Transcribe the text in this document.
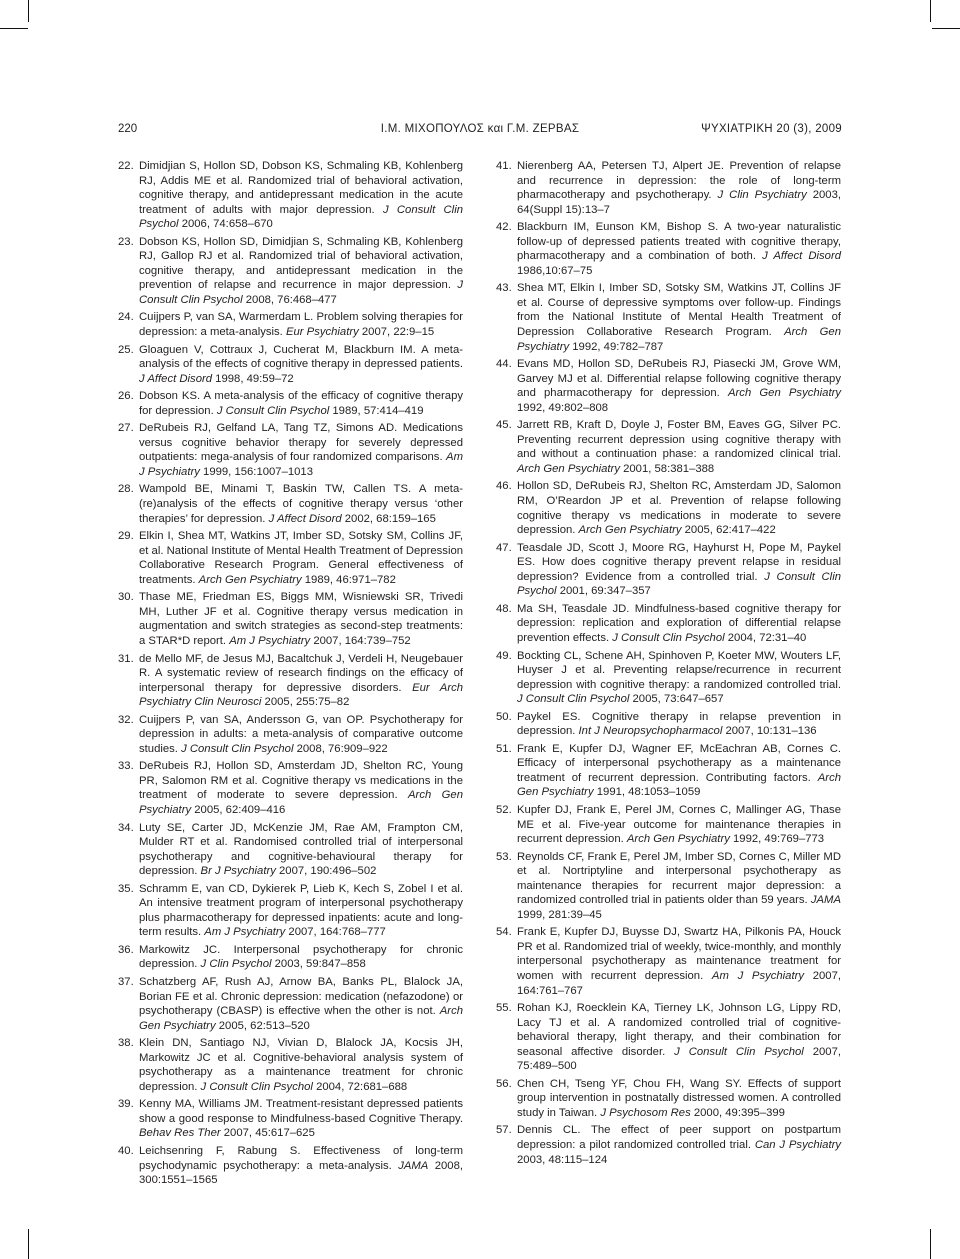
220	Ι.Μ. ΜΙΧΟΠΟΥΛΟΣ και Γ.Μ. ΖΕΡΒΑΣ	ΨΥΧΙΑΤΡΙΚΗ 20 (3), 2009
22. Dimidjian S, Hollon SD, Dobson KS, Schmaling KB, Kohlenberg RJ, Addis ME et al. Randomized trial of behavioral activation, cognitive therapy, and antidepressant medication in the acute treatment of adults with major depression. J Consult Clin Psychol 2006, 74:658–670
23. Dobson KS, Hollon SD, Dimidjian S, Schmaling KB, Kohlenberg RJ, Gallop RJ et al. Randomized trial of behavioral activation, cognitive therapy, and antidepressant medication in the prevention of relapse and recurrence in major depression. J Consult Clin Psychol 2008, 76:468–477
24. Cuijpers P, van SA, Warmerdam L. Problem solving therapies for depression: a meta-analysis. Eur Psychiatry 2007, 22:9–15
25. Gloaguen V, Cottraux J, Cucherat M, Blackburn IM. A meta-analysis of the effects of cognitive therapy in depressed patients. J Affect Disord 1998, 49:59–72
26. Dobson KS. A meta-analysis of the efficacy of cognitive therapy for depression. J Consult Clin Psychol 1989, 57:414–419
27. DeRubeis RJ, Gelfand LA, Tang TZ, Simons AD. Medications versus cognitive behavior therapy for severely depressed outpatients: mega-analysis of four randomized comparisons. Am J Psychiatry 1999, 156:1007–1013
28. Wampold BE, Minami T, Baskin TW, Callen TS. A meta-(re)analysis of the effects of cognitive therapy versus ‘other therapies’ for depression. J Affect Disord 2002, 68:159–165
29. Elkin I, Shea MT, Watkins JT, Imber SD, Sotsky SM, Collins JF, et al. National Institute of Mental Health Treatment of Depression Collaborative Research Program. General effectiveness of treatments. Arch Gen Psychiatry 1989, 46:971–782
30. Thase ME, Friedman ES, Biggs MM, Wisniewski SR, Trivedi MH, Luther JF et al. Cognitive therapy versus medication in augmentation and switch strategies as second-step treatments: a STAR*D report. Am J Psychiatry 2007, 164:739–752
31. de Mello MF, de Jesus MJ, Bacaltchuk J, Verdeli H, Neugebauer R. A systematic review of research findings on the efficacy of interpersonal therapy for depressive disorders. Eur Arch Psychiatry Clin Neurosci 2005, 255:75–82
32. Cuijpers P, van SA, Andersson G, van OP. Psychotherapy for depression in adults: a meta-analysis of comparative outcome studies. J Consult Clin Psychol 2008, 76:909–922
33. DeRubeis RJ, Hollon SD, Amsterdam JD, Shelton RC, Young PR, Salomon RM et al. Cognitive therapy vs medications in the treatment of moderate to severe depression. Arch Gen Psychiatry 2005, 62:409–416
34. Luty SE, Carter JD, McKenzie JM, Rae AM, Frampton CM, Mulder RT et al. Randomised controlled trial of interpersonal psychotherapy and cognitive-behavioural therapy for depression. Br J Psychiatry 2007, 190:496–502
35. Schramm E, van CD, Dykierek P, Lieb K, Kech S, Zobel I et al. An intensive treatment program of interpersonal psychotherapy plus pharmacotherapy for depressed inpatients: acute and long-term results. Am J Psychiatry 2007, 164:768–777
36. Markowitz JC. Interpersonal psychotherapy for chronic depression. J Clin Psychol 2003, 59:847–858
37. Schatzberg AF, Rush AJ, Arnow BA, Banks PL, Blalock JA, Borian FE et al. Chronic depression: medication (nefazodone) or psychotherapy (CBASP) is effective when the other is not. Arch Gen Psychiatry 2005, 62:513–520
38. Klein DN, Santiago NJ, Vivian D, Blalock JA, Kocsis JH, Markowitz JC et al. Cognitive-behavioral analysis system of psychotherapy as a maintenance treatment for chronic depression. J Consult Clin Psychol 2004, 72:681–688
39. Kenny MA, Williams JM. Treatment-resistant depressed patients show a good response to Mindfulness-based Cognitive Therapy. Behav Res Ther 2007, 45:617–625
40. Leichsenring F, Rabung S. Effectiveness of long-term psychodynamic psychotherapy: a meta-analysis. JAMA 2008, 300:1551–1565
41. Nierenberg AA, Petersen TJ, Alpert JE. Prevention of relapse and recurrence in depression: the role of long-term pharmacotherapy and psychotherapy. J Clin Psychiatry 2003, 64(Suppl 15):13–7
42. Blackburn IM, Eunson KM, Bishop S. A two-year naturalistic follow-up of depressed patients treated with cognitive therapy, pharmacotherapy and a combination of both. J Affect Disord 1986,10:67–75
43. Shea MT, Elkin I, Imber SD, Sotsky SM, Watkins JT, Collins JF et al. Course of depressive symptoms over follow-up. Findings from the National Institute of Mental Health Treatment of Depression Collaborative Research Program. Arch Gen Psychiatry 1992, 49:782–787
44. Evans MD, Hollon SD, DeRubeis RJ, Piasecki JM, Grove WM, Garvey MJ et al. Differential relapse following cognitive therapy and pharmacotherapy for depression. Arch Gen Psychiatry 1992, 49:802–808
45. Jarrett RB, Kraft D, Doyle J, Foster BM, Eaves GG, Silver PC. Preventing recurrent depression using cognitive therapy with and without a continuation phase: a randomized clinical trial. Arch Gen Psychiatry 2001, 58:381–388
46. Hollon SD, DeRubeis RJ, Shelton RC, Amsterdam JD, Salomon RM, O’Reardon JP et al. Prevention of relapse following cognitive therapy vs medications in moderate to severe depression. Arch Gen Psychiatry 2005, 62:417–422
47. Teasdale JD, Scott J, Moore RG, Hayhurst H, Pope M, Paykel ES. How does cognitive therapy prevent relapse in residual depression? Evidence from a controlled trial. J Consult Clin Psychol 2001, 69:347–357
48. Ma SH, Teasdale JD. Mindfulness-based cognitive therapy for depression: replication and exploration of differential relapse prevention effects. J Consult Clin Psychol 2004, 72:31–40
49. Bockting CL, Schene AH, Spinhoven P, Koeter MW, Wouters LF, Huyser J et al. Preventing relapse/recurrence in recurrent depression with cognitive therapy: a randomized controlled trial. J Consult Clin Psychol 2005, 73:647–657
50. Paykel ES. Cognitive therapy in relapse prevention in depression. Int J Neuropsychopharmacol 2007, 10:131–136
51. Frank E, Kupfer DJ, Wagner EF, McEachran AB, Cornes C. Efficacy of interpersonal psychotherapy as a maintenance treatment of recurrent depression. Contributing factors. Arch Gen Psychiatry 1991, 48:1053–1059
52. Kupfer DJ, Frank E, Perel JM, Cornes C, Mallinger AG, Thase ME et al. Five-year outcome for maintenance therapies in recurrent depression. Arch Gen Psychiatry 1992, 49:769–773
53. Reynolds CF, Frank E, Perel JM, Imber SD, Cornes C, Miller MD et al. Nortriptyline and interpersonal psychotherapy as maintenance therapies for recurrent major depression: a randomized controlled trial in patients older than 59 years. JAMA 1999, 281:39–45
54. Frank E, Kupfer DJ, Buysse DJ, Swartz HA, Pilkonis PA, Houck PR et al. Randomized trial of weekly, twice-monthly, and monthly interpersonal psychotherapy as maintenance treatment for women with recurrent depression. Am J Psychiatry 2007, 164:761–767
55. Rohan KJ, Roecklein KA, Tierney LK, Johnson LG, Lippy RD, Lacy TJ et al. A randomized controlled trial of cognitive-behavioral therapy, light therapy, and their combination for seasonal affective disorder. J Consult Clin Psychol 2007, 75:489–500
56. Chen CH, Tseng YF, Chou FH, Wang SY. Effects of support group intervention in postnatally distressed women. A controlled study in Taiwan. J Psychosom Res 2000, 49:395–399
57. Dennis CL. The effect of peer support on postpartum depression: a pilot randomized controlled trial. Can J Psychiatry 2003, 48:115–124
